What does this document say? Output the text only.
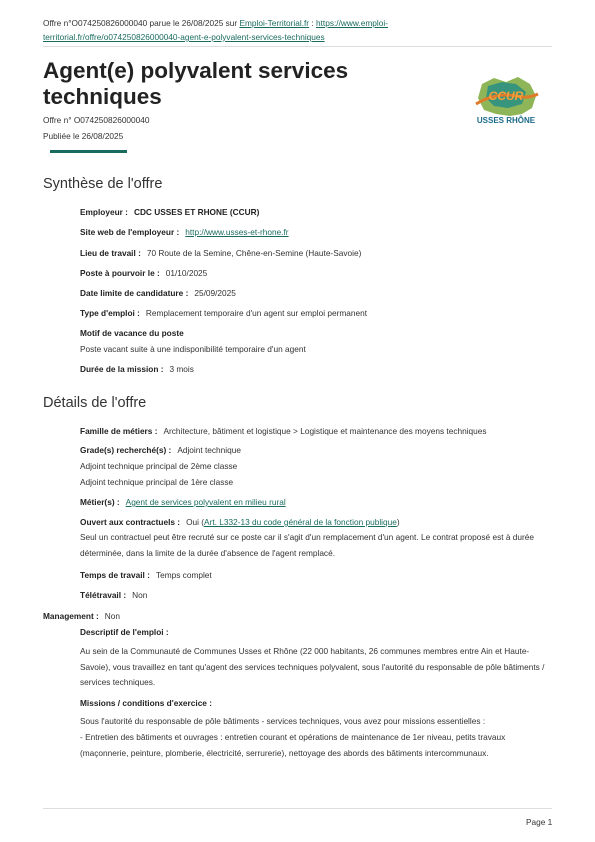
Offre n°O074250826000040 parue le 26/08/2025 sur Emploi-Territorial.fr : https://www.emploi-
territorial.fr/offre/o074250826000040-agent-e-polyvalent-services-techniques
Agent(e) polyvalent services techniques
Offre n° O074250826000040
Publiée le 26/08/2025
CCUR
USSES RHÔNE
Synthèse de l'offre
Employeur : CDC USSES ET RHONE (CCUR)
Site web de l'employeur : http://www.usses-et-rhone.fr
Lieu de travail : 70 Route de la Semine, Chêne-en-Semine (Haute-Savoie)
Poste à pourvoir le : 01/10/2025
Date limite de candidature : 25/09/2025
Type d'emploi : Remplacement temporaire d'un agent sur emploi permanent
Motif de vacance du poste
Poste vacant suite à une indisponibilité temporaire d'un agent
Durée de la mission : 3 mois
Détails de l'offre
Famille de métiers : Architecture, bâtiment et logistique > Logistique et maintenance des moyens techniques
Grade(s) recherché(s) : Adjoint technique
Adjoint technique principal de 2ème classe
Adjoint technique principal de 1ère classe
Métier(s) : Agent de services polyvalent en milieu rural
Ouvert aux contractuels : Oui (Art. L332-13 du code général de la fonction publique)
Seul un contractuel peut être recruté sur ce poste car il s'agit d'un remplacement d'un agent. Le contrat proposé est à durée déterminée, dans la limite de la durée d'absence de l'agent remplacé.
Temps de travail : Temps complet
Télétravail : Non
Management : Non
Descriptif de l'emploi :
Au sein de la Communauté de Communes Usses et Rhône (22 000 habitants, 26 communes membres entre Ain et Haute-Savoie), vous travaillez en tant qu'agent des services techniques polyvalent, sous l'autorité du responsable de pôle bâtiments / services techniques.
Missions / conditions d'exercice :
Sous l'autorité du responsable de pôle bâtiments - services techniques, vous avez pour missions essentielles :
- Entretien des bâtiments et ouvrages : entretien courant et opérations de maintenance de 1er niveau, petits travaux (maçonnerie, peinture, plomberie, électricité, serrurerie), nettoyage des abords des bâtiments intercommunaux.
Page 1
